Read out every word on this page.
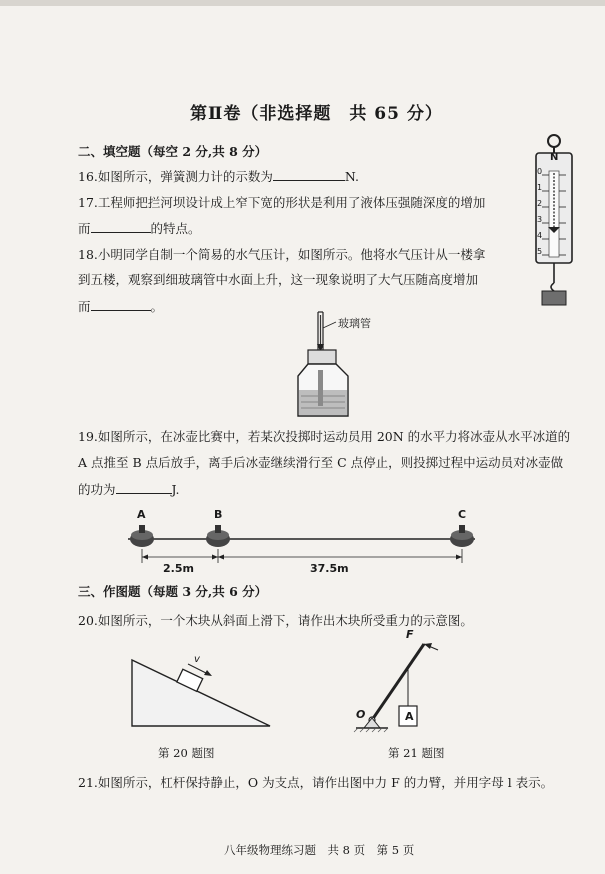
第Ⅱ卷（非选择题　共 65 分）
二、填空题（每空 2 分,共 8 分）
16.如图所示，弹簧测力计的示数为	N.
17.工程师把拦河坝设计成上窄下宽的形状是利用了液体压强随深度的增加
而	的特点。
18.小明同学自制一个简易的水气压计，如图所示。他将水气压计从一楼拿
到五楼，观察到细玻璃管中水面上升，这一现象说明了大气压随高度增加
而	。
N
0
1
2
3
4
5
玻璃管
19.如图所示，在冰壶比赛中，若某次投掷时运动员用 20N 的水平力将冰壶从水平冰道的
A 点推至 B 点后放手，离手后冰壶继续滑行至 C 点停止，则投掷过程中运动员对冰壶做
的功为	J.
A	B	C
2.5m	37.5m
三、作图题（每题 3 分,共 6 分）
20.如图所示，一个木块从斜面上滑下，请作出木块所受重力的示意图。
v
第 20 题图
F
O	A
第 21 题图
21.如图所示，杠杆保持静止，O 为支点，请作出图中力 F 的力臂，并用字母 l 表示。
八年级物理练习题　共 8 页　第 5 页
